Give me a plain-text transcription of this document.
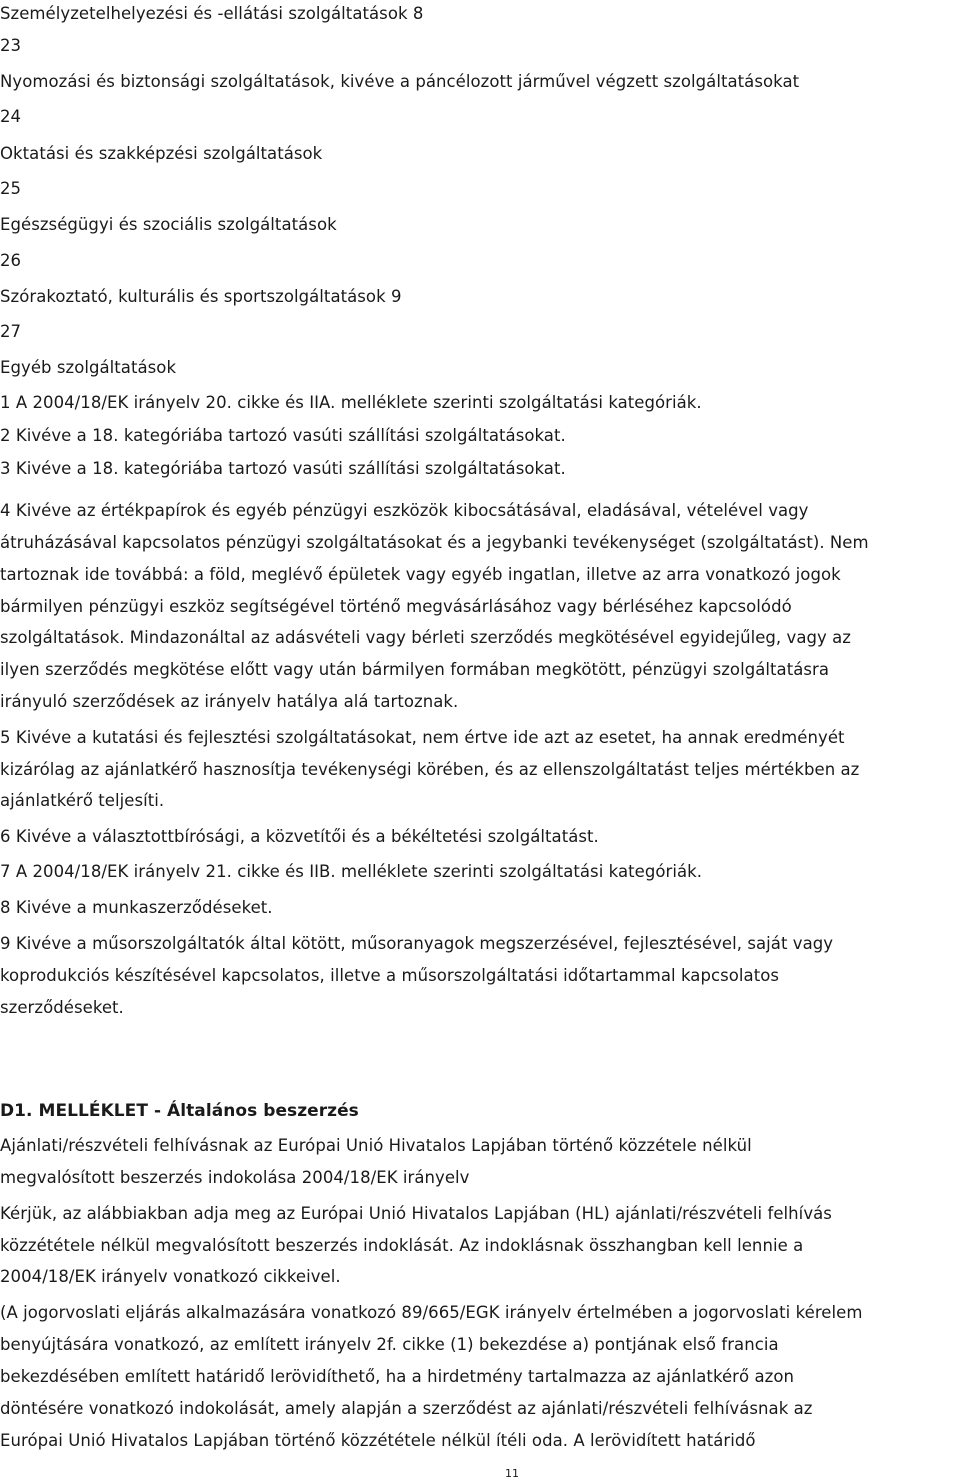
Személyzetelhelyezési és -ellátási szolgáltatások 8
23
Nyomozási és biztonsági szolgáltatások, kivéve a páncélozott járművel végzett szolgáltatásokat
24
Oktatási és szakképzési szolgáltatások
25
Egészségügyi és szociális szolgáltatások
26
Szórakoztató, kulturális és sportszolgáltatások 9
27
Egyéb szolgáltatások
1 A 2004/18/EK irányelv 20. cikke és IIA. melléklete szerinti szolgáltatási kategóriák.
2 Kivéve a 18. kategóriába tartozó vasúti szállítási szolgáltatásokat.
3 Kivéve a 18. kategóriába tartozó vasúti szállítási szolgáltatásokat.
4 Kivéve az értékpapírok és egyéb pénzügyi eszközök kibocsátásával, eladásával, vételével vagy
átruházásával kapcsolatos pénzügyi szolgáltatásokat és a jegybanki tevékenységet (szolgáltatást). Nem
tartoznak ide továbbá: a föld, meglévő épületek vagy egyéb ingatlan, illetve az arra vonatkozó jogok
bármilyen pénzügyi eszköz segítségével történő megvásárlásához vagy bérléséhez kapcsolódó
szolgáltatások. Mindazonáltal az adásvételi vagy bérleti szerződés megkötésével egyidejűleg, vagy az
ilyen szerződés megkötése előtt vagy után bármilyen formában megkötött, pénzügyi szolgáltatásra
irányuló szerződések az irányelv hatálya alá tartoznak.
5 Kivéve a kutatási és fejlesztési szolgáltatásokat, nem értve ide azt az esetet, ha annak eredményét
kizárólag az ajánlatkérő hasznosítja tevékenységi körében, és az ellenszolgáltatást teljes mértékben az
ajánlatkérő teljesíti.
6 Kivéve a választottbírósági, a közvetítői és a békéltetési szolgáltatást.
7 A 2004/18/EK irányelv 21. cikke és IIB. melléklete szerinti szolgáltatási kategóriák.
8 Kivéve a munkaszerződéseket.
9 Kivéve a műsorszolgáltatók által kötött, műsoranyagok megszerzésével, fejlesztésével, saját vagy
koprodukciós készítésével kapcsolatos, illetve a műsorszolgáltatási időtartammal kapcsolatos
szerződéseket.
D1. MELLÉKLET - Általános beszerzés
Ajánlati/részvételi felhívásnak az Európai Unió Hivatalos Lapjában történő közzétele nélkül
megvalósított beszerzés indokolása 2004/18/EK irányelv
Kérjük, az alábbiakban adja meg az Európai Unió Hivatalos Lapjában (HL) ajánlati/részvételi felhívás
közzététele nélkül megvalósított beszerzés indoklását. Az indoklásnak összhangban kell lennie a
2004/18/EK irányelv vonatkozó cikkeivel.
(A jogorvoslati eljárás alkalmazására vonatkozó 89/665/EGK irányelv értelmében a jogorvoslati kérelem
benyújtására vonatkozó, az említett irányelv 2f. cikke (1) bekezdése a) pontjának első francia
bekezdésében említett határidő lerövidíthető, ha a hirdetmény tartalmazza az ajánlatkérő azon
döntésére vonatkozó indokolását, amely alapján a szerződést az ajánlati/részvételi felhívásnak az
Európai Unió Hivatalos Lapjában történő közzététele nélkül ítéli oda. A lerövidített határidő
11
